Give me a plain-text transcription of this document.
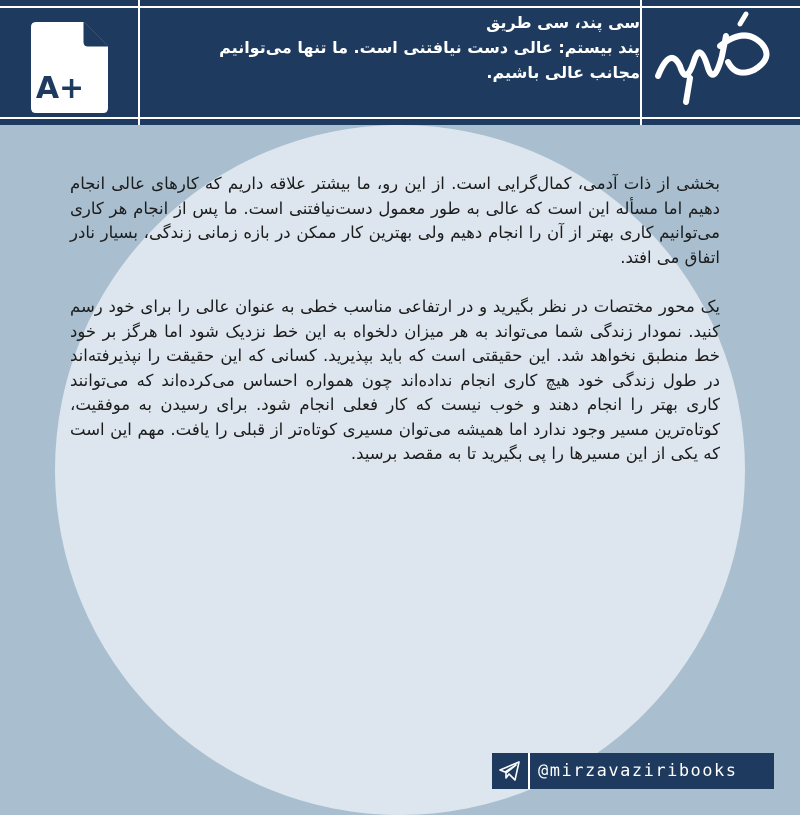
A+
سی پند، سی طریق
پند بیستم: عالی دست نیافتنی است. ما تنها می‌توانیم
مجانب عالی باشیم.

بخشی از ذات آدمی، کمال‌گرایی است. از این رو، ما بیشتر علاقه داریم که کارهای عالی انجام دهیم اما مسأله این است که عالی به طور معمول دست‌نیافتنی است. ما پس از انجام هر کاری می‌توانیم کاری بهتر از آن را انجام دهیم ولی بهترین کار ممکن در بازه زمانی زندگی، بسیار نادر اتفاق می افتد.

یک محور مختصات در نظر بگیرید و در ارتفاعی مناسب خطی به عنوان عالی را برای خود رسم کنید. نمودار زندگی شما می‌تواند به هر میزان دلخواه به این خط نزدیک شود اما هرگز بر خود خط منطبق نخواهد شد. این حقیقتی است که باید بپذیرید. کسانی که این حقیقت را نپذیرفته‌اند در طول زندگی خود هیچ کاری انجام نداده‌اند چون همواره احساس می‌کرده‌اند که می‌توانند کاری بهتر را انجام دهند و خوب نیست که کار فعلی انجام شود. برای رسیدن به موفقیت، کوتاه‌ترین مسیر وجود ندارد اما همیشه می‌توان مسیری کوتاه‌تر از قبلی را یافت. مهم این است که یکی از این مسیرها را پی بگیرید تا به مقصد برسید.

@mirzavaziribooks
